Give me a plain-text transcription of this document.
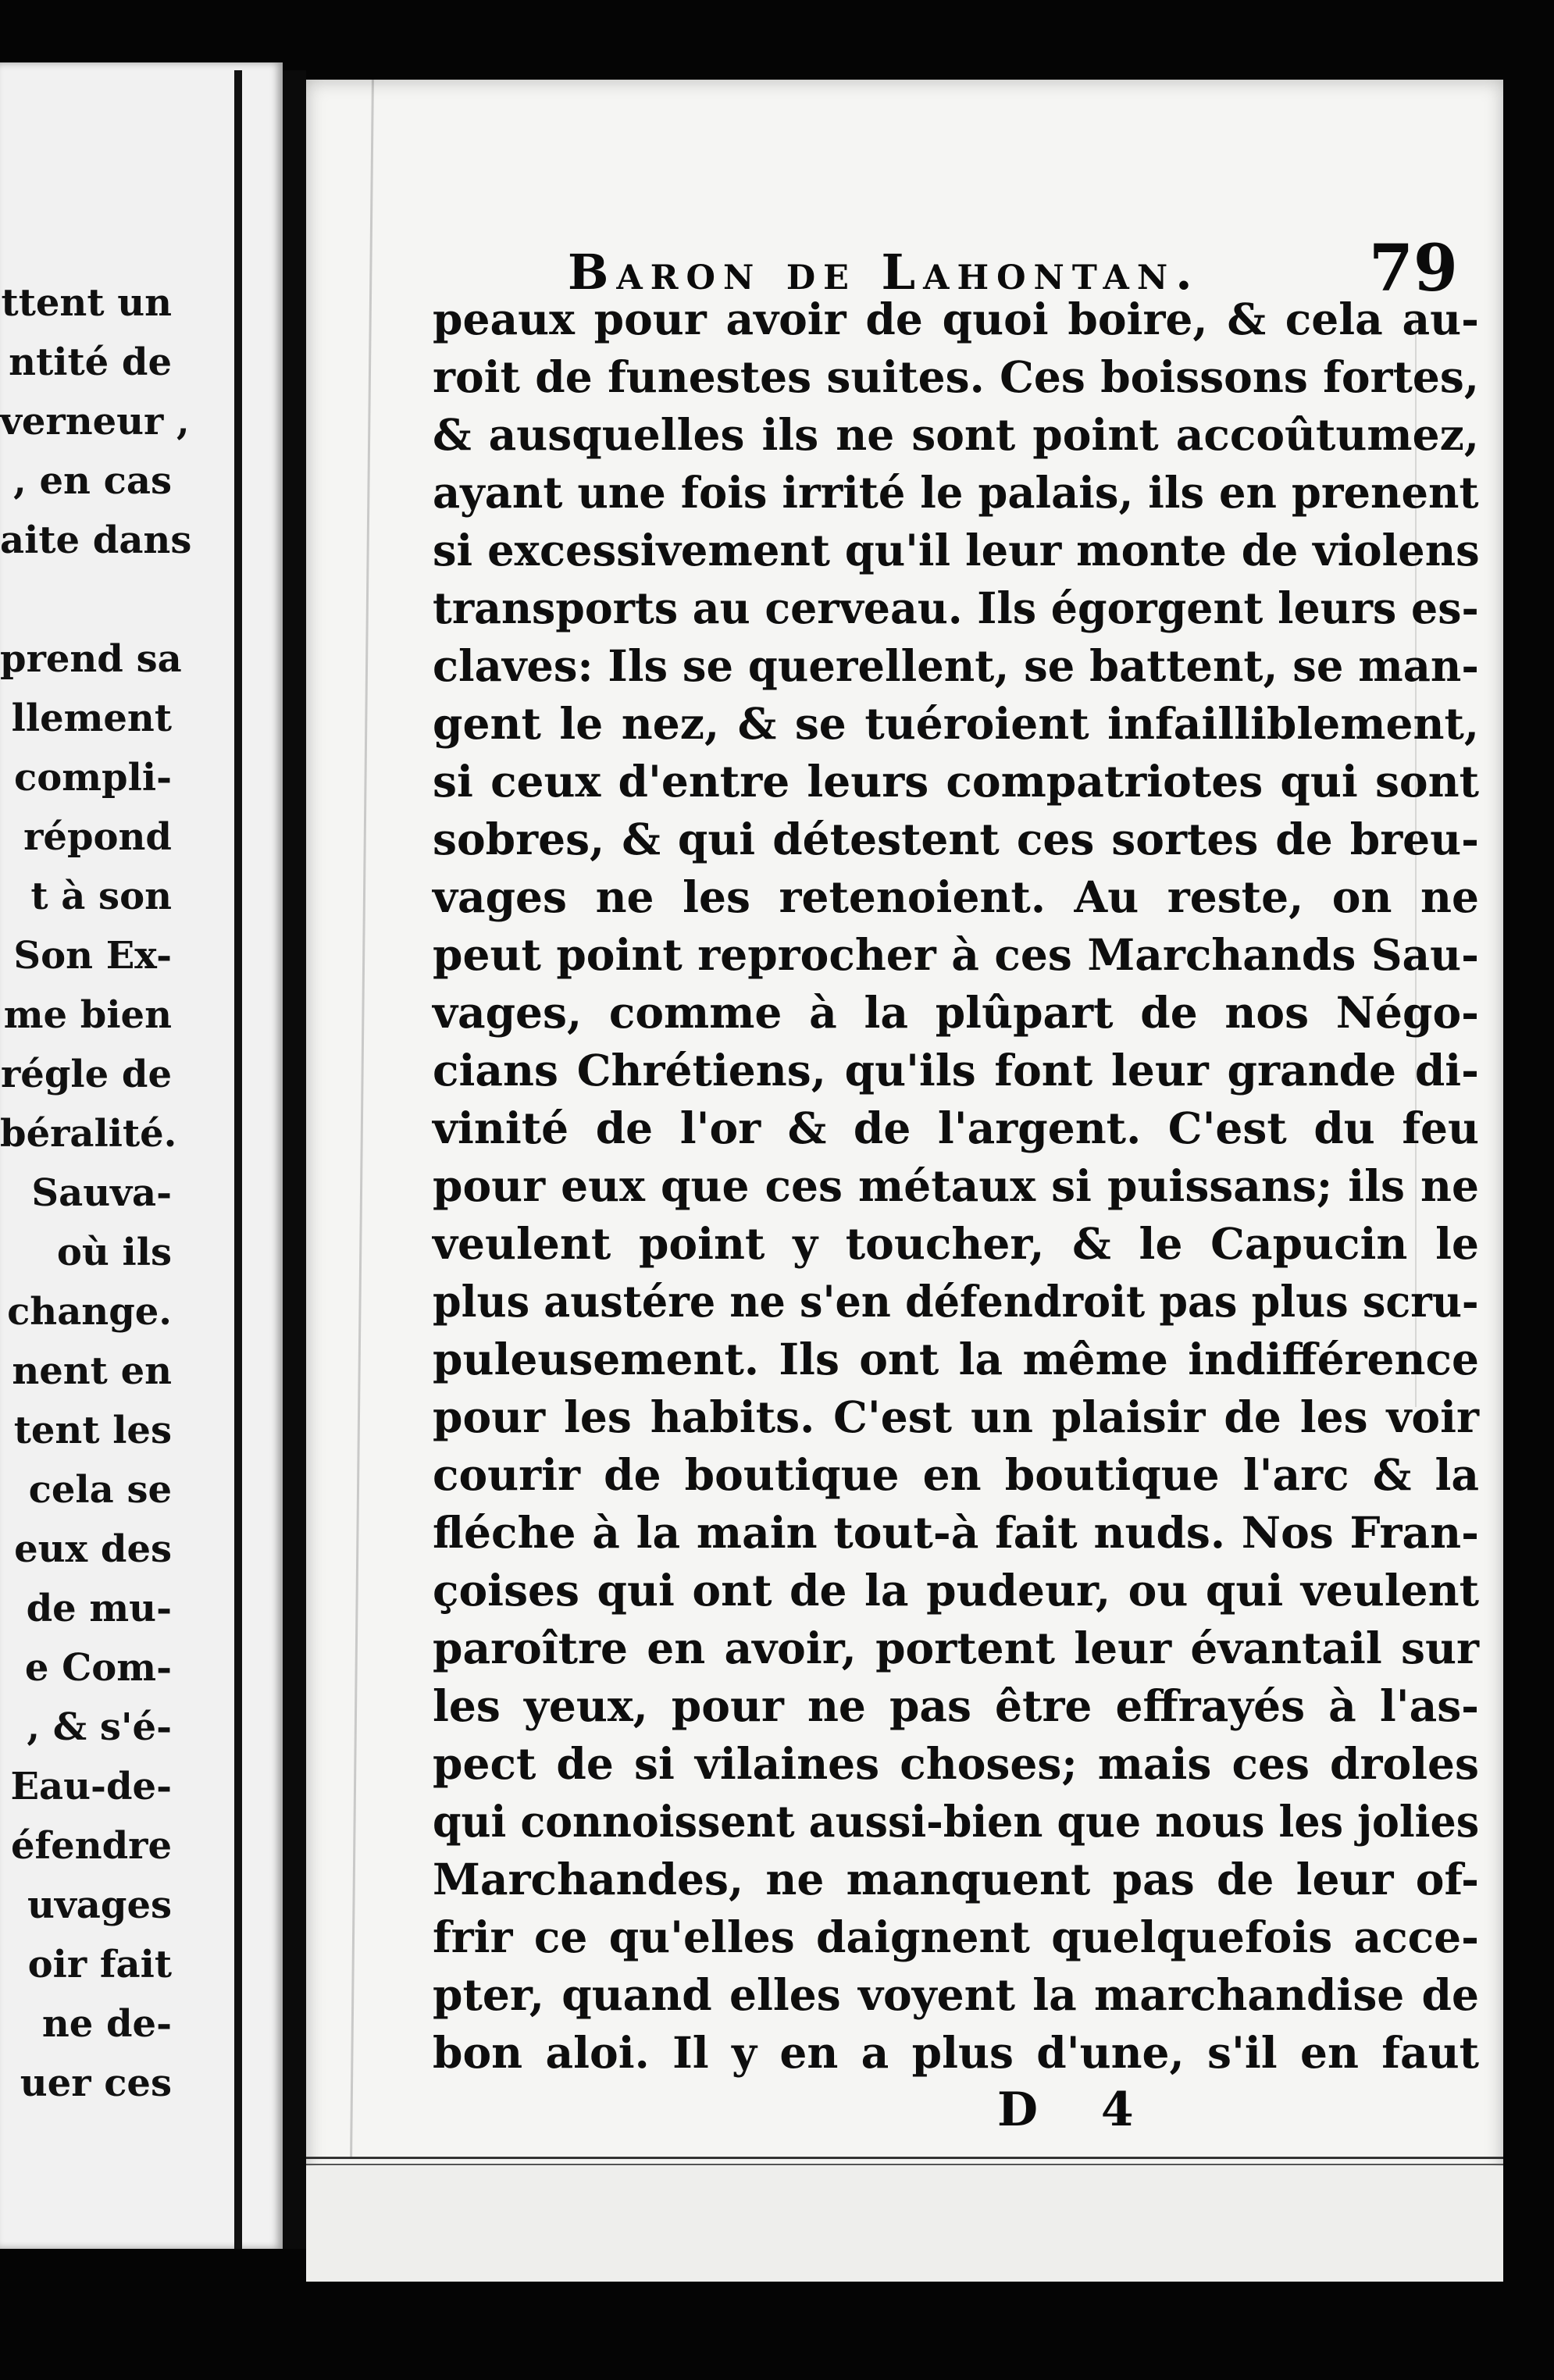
ttent un
ntité de
verneur ,
, en cas
aite dans
prend sa
llement
compli-
répond
t à son
Son Ex-
me bien
régle de
béralité.
Sauva-
où ils
change.
nent en
tent les
cela se
eux des
de mu-
e Com-
, & s'é-
Eau-de-
éfendre
uvages
oir fait
ne de-
uer ces
Baron de Lahontan.	79
peaux pour avoir de quoi boire, & cela au-
roit de funestes suites. Ces boissons fortes,
& ausquelles ils ne sont point accoûtumez,
ayant une fois irrité le palais, ils en prenent
si excessivement qu'il leur monte de violens
transports au cerveau. Ils égorgent leurs es-
claves: Ils se querellent, se battent, se man-
gent le nez, & se tuéroient infailliblement,
si ceux d'entre leurs compatriotes qui sont
sobres, & qui détestent ces sortes de breu-
vages ne les retenoient. Au reste, on ne
peut point reprocher à ces Marchands Sau-
vages, comme à la plûpart de nos Négo-
cians Chrétiens, qu'ils font leur grande di-
vinité de l'or & de l'argent. C'est du feu
pour eux que ces métaux si puissans; ils ne
veulent point y toucher, & le Capucin le
plus austére ne s'en défendroit pas plus scru-
puleusement. Ils ont la même indifférence
pour les habits. C'est un plaisir de les voir
courir de boutique en boutique l'arc & la
fléche à la main tout-à fait nuds. Nos Fran-
çoises qui ont de la pudeur, ou qui veulent
paroître en avoir, portent leur évantail sur
les yeux, pour ne pas être effrayés à l'as-
pect de si vilaines choses; mais ces droles
qui connoissent aussi-bien que nous les jolies
Marchandes, ne manquent pas de leur of-
frir ce qu'elles daignent quelquefois acce-
pter, quand elles voyent la marchandise de
bon aloi. Il y en a plus d'une, s'il en faut
D 4
